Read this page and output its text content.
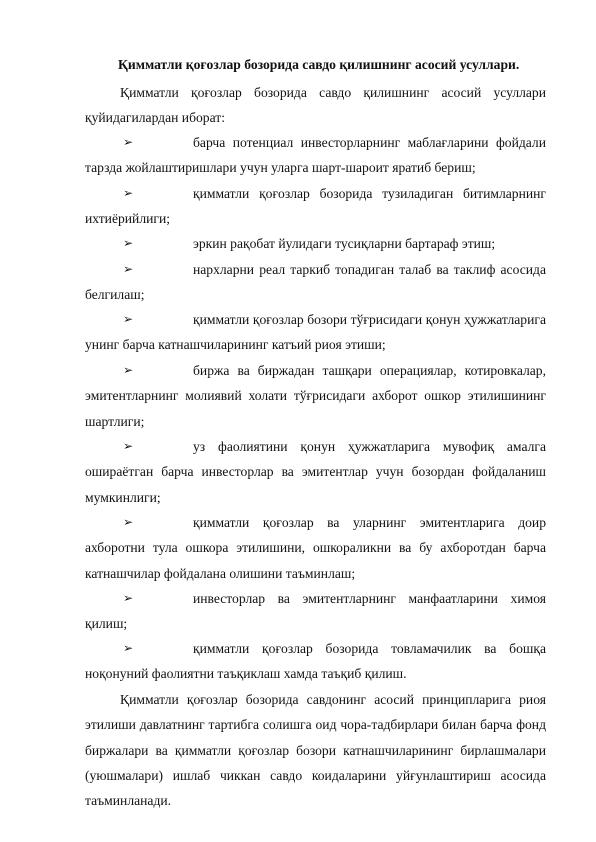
Қимматли қоғозлар бозорида савдо қилишнинг асосий усуллари.
Қимматли қоғозлар бозорида савдо қилишнинг асосий усуллари қуйидагилардан иборат:
➢	барча потенциал инвесторларнинг маблағларини фойдали тарзда жойлаштиришлари учун уларга шарт-шароит яратиб бериш;
➢	қимматли қоғозлар бозорида тузиладиган битимларнинг ихтиёрийлиги;
➢	эркин рақобат йулидаги тусиқларни бартараф этиш;
➢	нархларни реал таркиб топадиган талаб ва таклиф асосида белгилаш;
➢	қимматли қоғозлар бозори тўғрисидаги қонун ҳужжатларига унинг барча катнашчиларининг катъий риоя этиши;
➢	биржа ва биржадан ташқари операциялар, котировкалар, эмитентларнинг молиявий холати тўғрисидаги ахборот ошкор этилишининг шартлиги;
➢	уз фаолиятини қонун ҳужжатларига мувофиқ амалга ошираётган барча инвесторлар ва эмитентлар учун бозордан фойдаланиш мумкинлиги;
➢	қимматли қоғозлар ва уларнинг эмитентларига доир ахборотни тула ошкора этилишини, ошкораликни ва бу ахборотдан барча катнашчилар фойдалана олишини таъминлаш;
➢	инвесторлар ва эмитентларнинг манфаатларини химоя қилиш;
➢	қимматли қоғозлар бозорида товламачилик ва бошқа ноқонуний фаолиятни таъқиклаш хамда таъқиб қилиш.
Қимматли қоғозлар бозорида савдонинг асосий принципларига риоя этилиши давлатнинг тартибга солишга оид чора-тадбирлари билан барча фонд биржалари ва қимматли қоғозлар бозори катнашчиларининг бирлашмалари (уюшмалари) ишлаб чиккан савдо коидаларини уйғунлаштириш асосида таъминланади.
